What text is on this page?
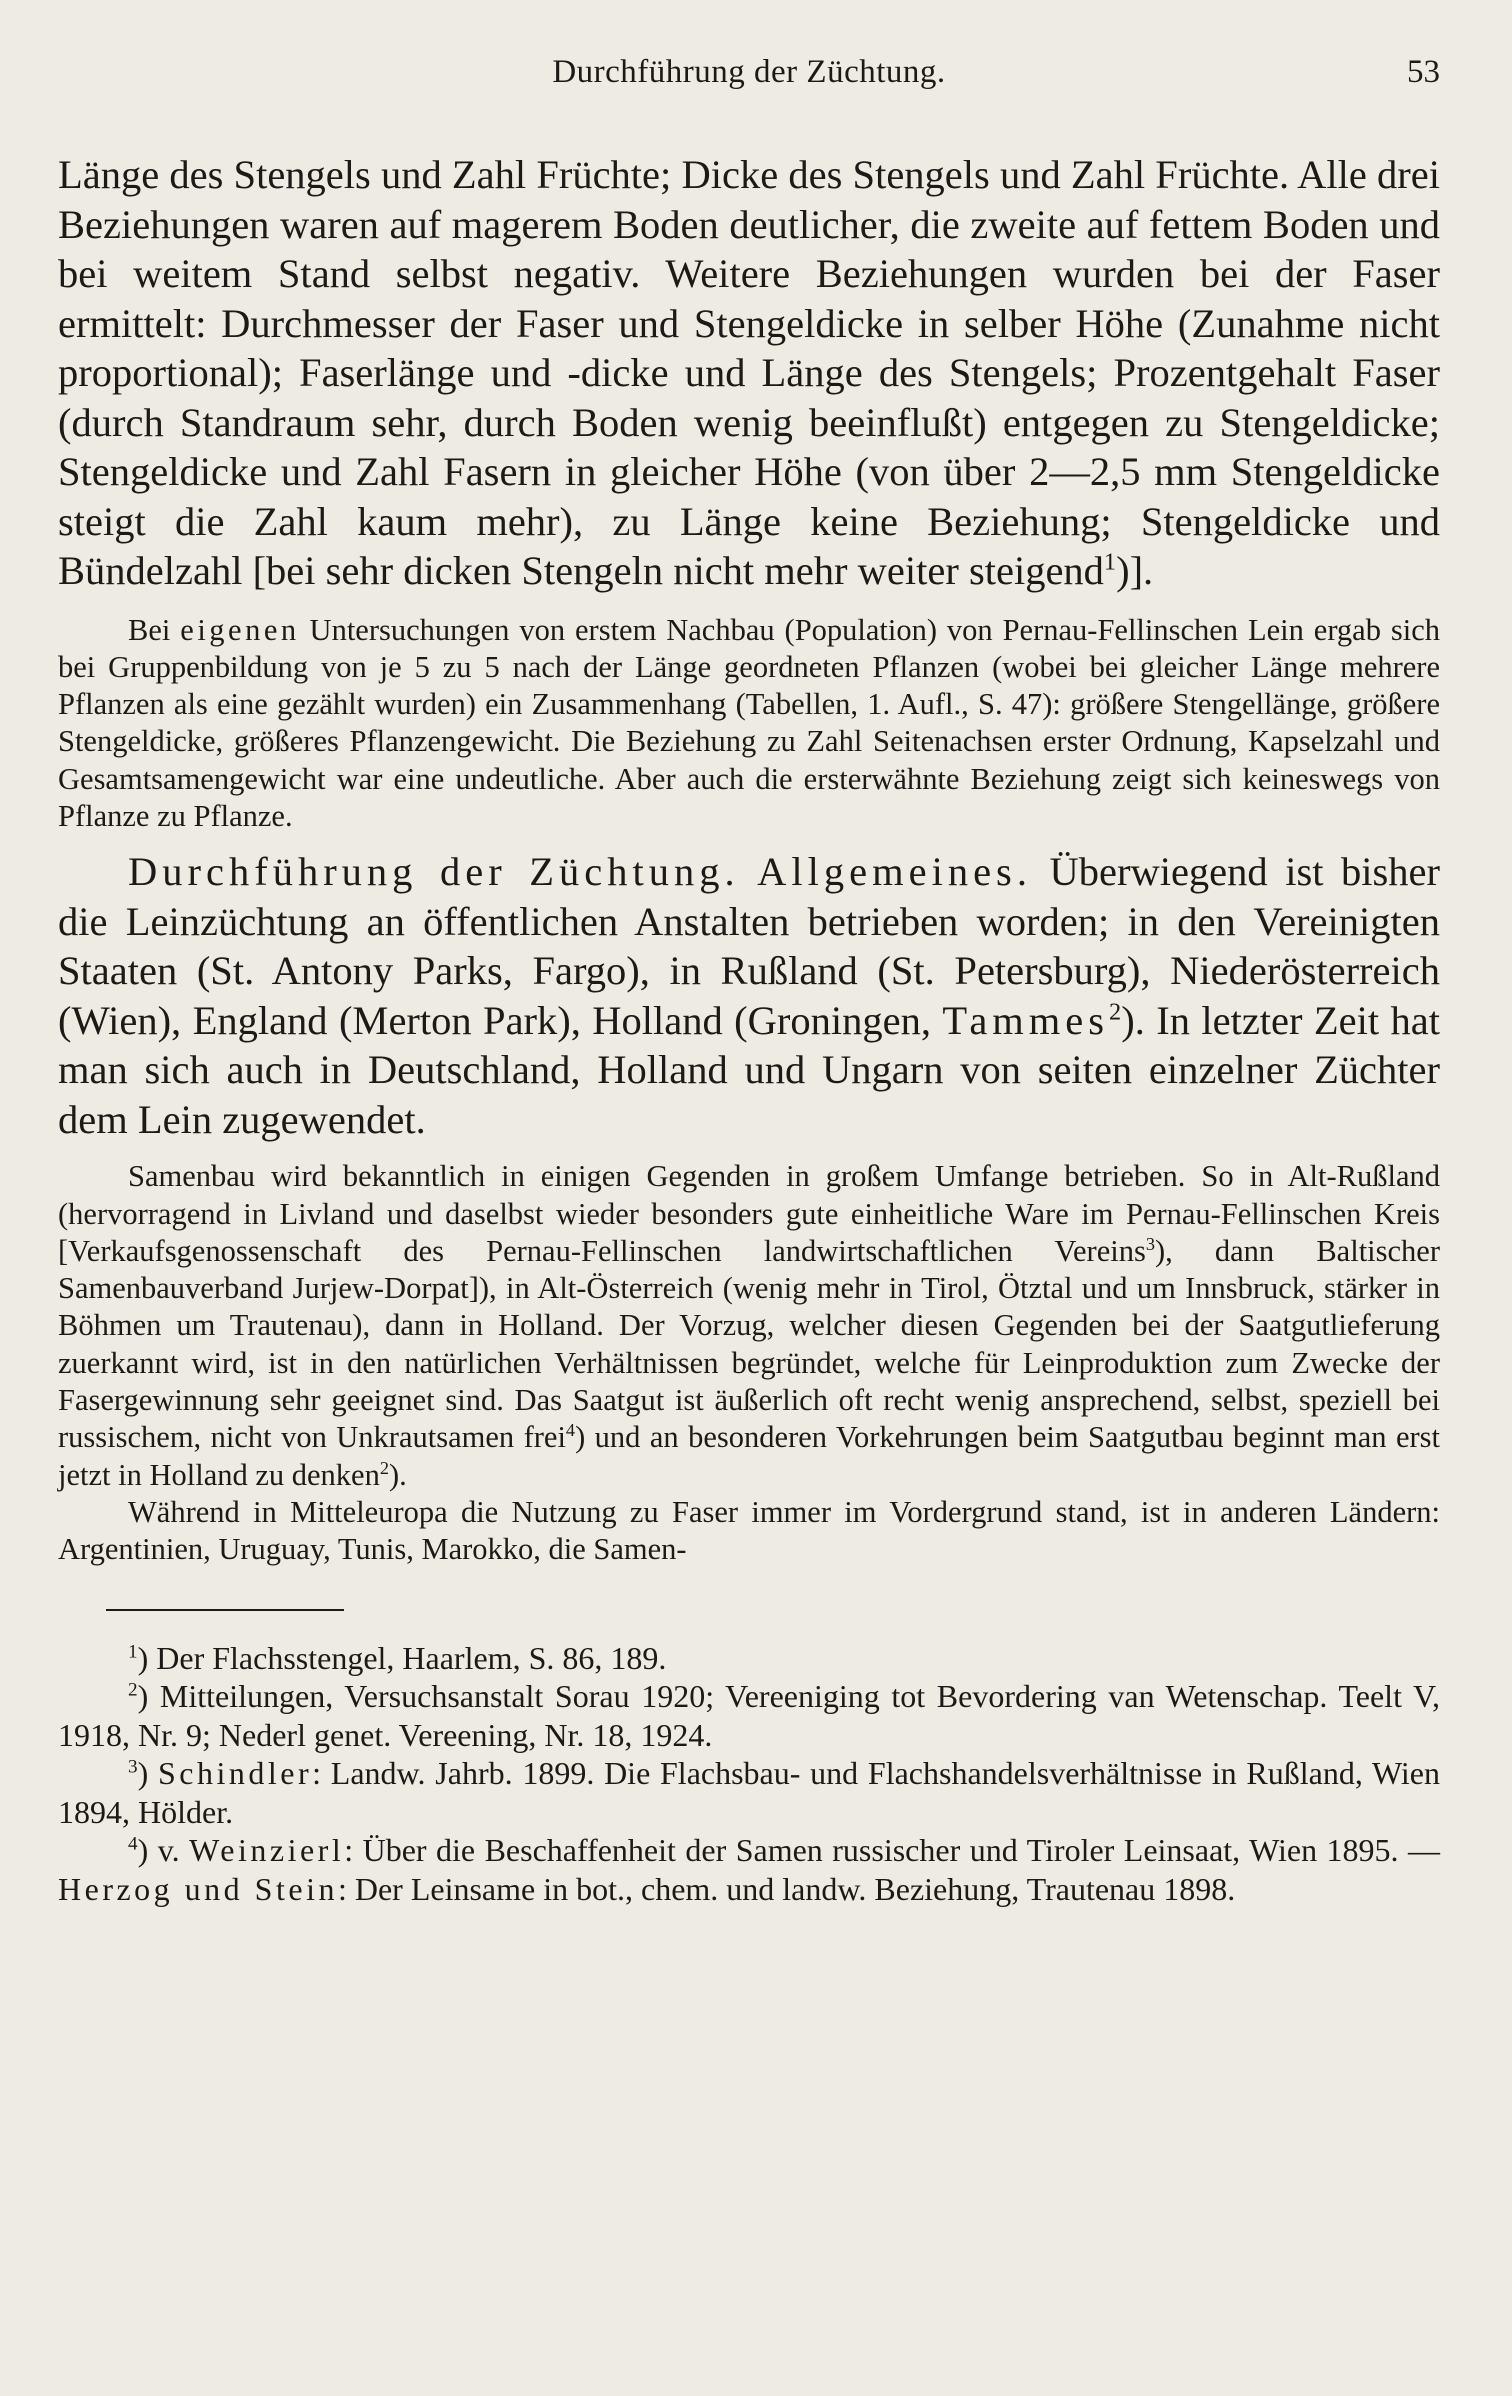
Durchführung der Züchtung.	53
Länge des Stengels und Zahl Früchte; Dicke des Stengels und Zahl Früchte. Alle drei Beziehungen waren auf magerem Boden deutlicher, die zweite auf fettem Boden und bei weitem Stand selbst negativ. Weitere Beziehungen wurden bei der Faser ermittelt: Durchmesser der Faser und Stengeldicke in selber Höhe (Zunahme nicht proportional); Faserlänge und -dicke und Länge des Stengels; Prozentgehalt Faser (durch Standraum sehr, durch Boden wenig beeinflußt) entgegen zu Stengeldicke; Stengeldicke und Zahl Fasern in gleicher Höhe (von über 2—2,5 mm Stengeldicke steigt die Zahl kaum mehr), zu Länge keine Beziehung; Stengeldicke und Bündelzahl [bei sehr dicken Stengeln nicht mehr weiter steigend$^1$)].

Bei eigenen Untersuchungen von erstem Nachbau (Population) von Pernau-Fellinschen Lein ergab sich bei Gruppenbildung von je 5 zu 5 nach der Länge geordneten Pflanzen (wobei bei gleicher Länge mehrere Pflanzen als eine gezählt wurden) ein Zusammenhang (Tabellen, 1. Aufl., S. 47): größere Stengellänge, größere Stengeldicke, größeres Pflanzengewicht. Die Beziehung zu Zahl Seitenachsen erster Ordnung, Kapselzahl und Gesamtsamengewicht war eine undeutliche. Aber auch die ersterwähnte Beziehung zeigt sich keineswegs von Pflanze zu Pflanze.

Durchführung der Züchtung. Allgemeines. Überwiegend ist bisher die Leinzüchtung an öffentlichen Anstalten betrieben worden; in den Vereinigten Staaten (St. Antony Parks, Fargo), in Rußland (St. Petersburg), Niederösterreich (Wien), England (Merton Park), Holland (Groningen, Tammes$^2$). In letzter Zeit hat man sich auch in Deutschland, Holland und Ungarn von seiten einzelner Züchter dem Lein zugewendet.

Samenbau wird bekanntlich in einigen Gegenden in großem Umfange betrieben. So in Alt-Rußland (hervorragend in Livland und daselbst wieder besonders gute einheitliche Ware im Pernau-Fellinschen Kreis [Verkaufsgenossenschaft des Pernau-Fellinschen landwirtschaftlichen Vereins$^3$), dann Baltischer Samenbauverband Jurjew-Dorpat]), in Alt-Österreich (wenig mehr in Tirol, Ötztal und um Innsbruck, stärker in Böhmen um Trautenau), dann in Holland. Der Vorzug, welcher diesen Gegenden bei der Saatgutlieferung zuerkannt wird, ist in den natürlichen Verhältnissen begründet, welche für Leinproduktion zum Zwecke der Fasergewinnung sehr geeignet sind. Das Saatgut ist äußerlich oft recht wenig ansprechend, selbst, speziell bei russischem, nicht von Unkrautsamen frei$^4$) und an besonderen Vorkehrungen beim Saatgutbau beginnt man erst jetzt in Holland zu denken$^2$).

Während in Mitteleuropa die Nutzung zu Faser immer im Vordergrund stand, ist in anderen Ländern: Argentinien, Uruguay, Tunis, Marokko, die Samen-

$^1$) Der Flachsstengel, Haarlem, S. 86, 189.

$^2$) Mitteilungen, Versuchsanstalt Sorau 1920; Vereeniging tot Bevordering van Wetenschap. Teelt V, 1918, Nr. 9; Nederl genet. Vereening, Nr. 18, 1924.

$^3$) Schindler: Landw. Jahrb. 1899. Die Flachsbau- und Flachshandelsverhältnisse in Rußland, Wien 1894, Hölder.

$^4$) v. Weinzierl: Über die Beschaffenheit der Samen russischer und Tiroler Leinsaat, Wien 1895. — Herzog und Stein: Der Leinsame in bot., chem. und landw. Beziehung, Trautenau 1898.
